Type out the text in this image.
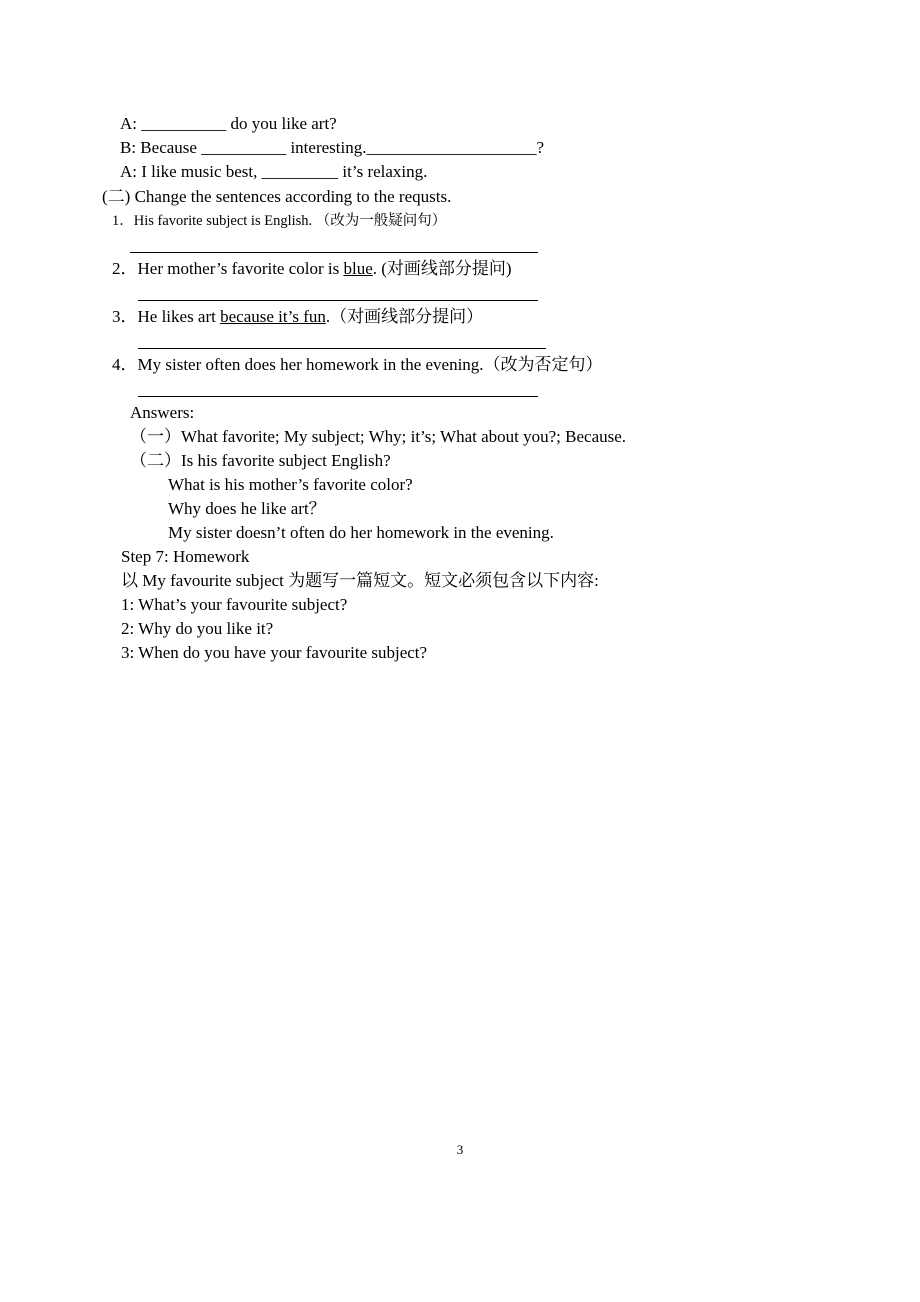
A: __________ do you like art?
B: Because __________ interesting.____________________?
A: I like music best, _________ it’s relaxing.
(二) Change the sentences according to the requsts.
1．His favorite subject is English. （改为一般疑问句）
2．Her mother’s favorite color is blue. (对画线部分提问)
3．He likes art because it’s fun.（对画线部分提问）
4．My sister often does her homework in the evening.（改为否定句）
Answers:
（一）What favorite; My subject; Why; it’s; What about you?; Because.
（二）Is his favorite subject English?
What is his mother’s favorite color?
Why does he like art？
My sister doesn’t often do her homework in the evening.
Step 7: Homework
以 My favourite subject 为题写一篇短文。短文必须包含以下内容:
1: What’s your favourite subject?
2: Why do you like it?
3: When do you have your favourite subject?
3
